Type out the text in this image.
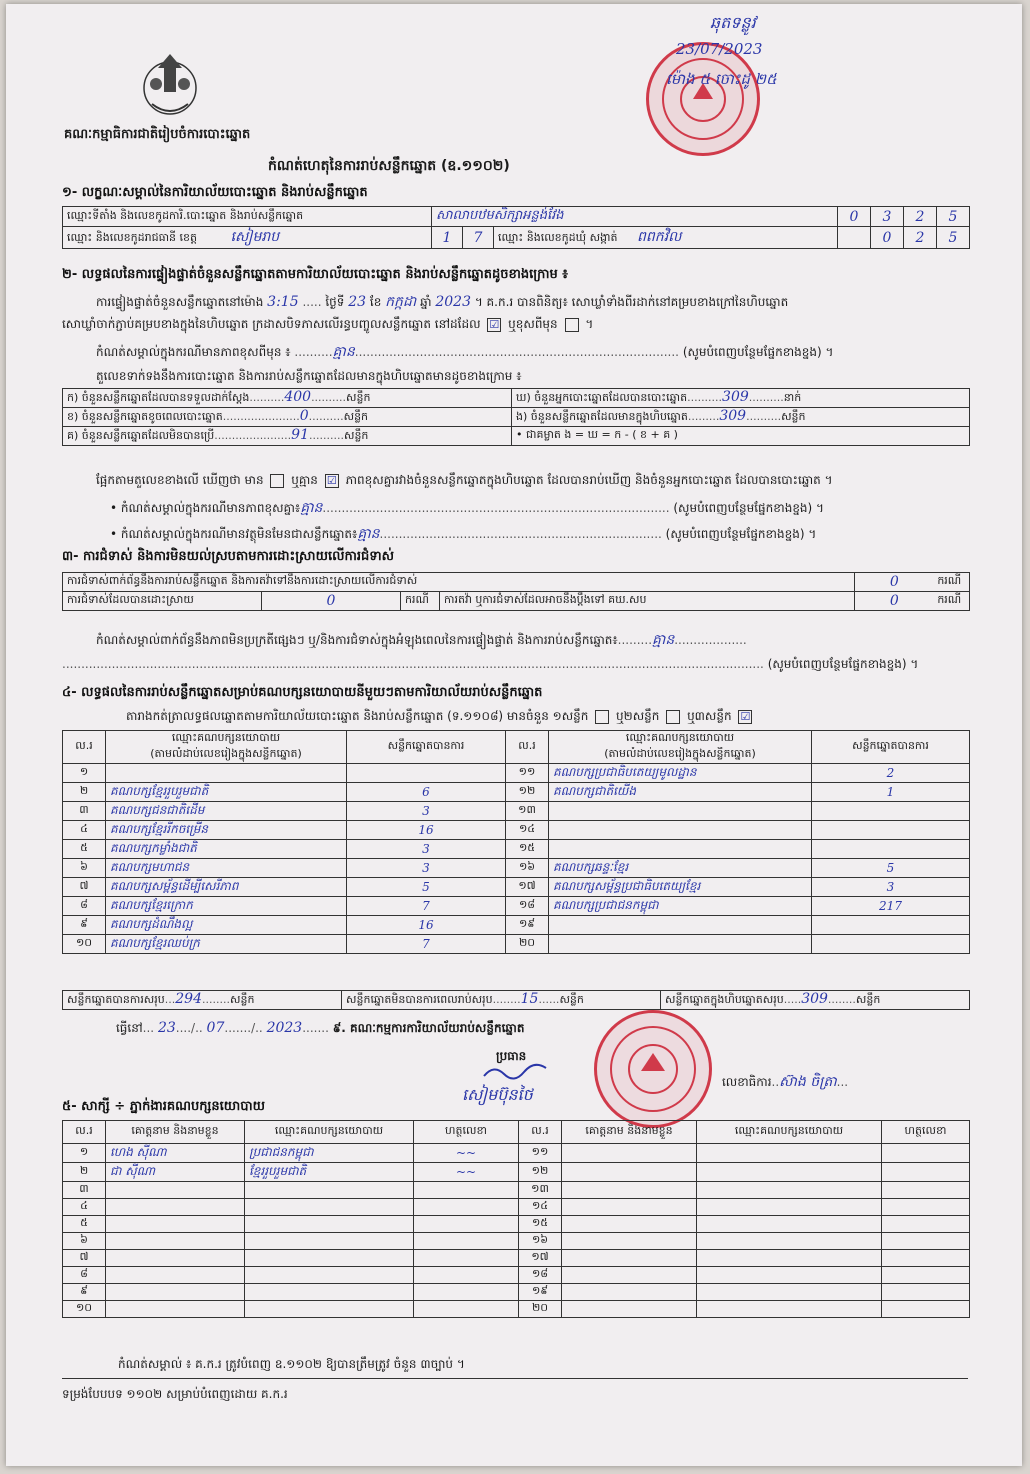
គណៈកម្មាធិការជាតិរៀបចំការបោះឆ្នោត
កំណត់ហេតុនៃការរាប់សន្លឹកឆ្នោត (ឧ.១១០២)
ឆុតទន្លូវ
23/07/2023
ម៉ោង ៥ ចោះដូ ២៥
១- លក្ខណៈសម្គាល់នៃការិយាល័យបោះឆ្នោត និងរាប់សន្លឹកឆ្នោត
ឈ្មោះទីតាំង និងលេខកូដការិ.បោះឆ្នោត និងរាប់សន្លឹកឆ្នោត	សាលាបឋមសិក្សាអន្លង់វែង			0	3	2	5
ឈ្មោះ និងលេខកូដរាជធានី ខេត្ត សៀមរាប	1	7	ឈ្មោះ និងលេខកូដឃុំ សង្កាត់ ពពកវិល		0	2	5
២- លទ្ធផលនៃការផ្ទៀងផ្ទាត់ចំនួនសន្លឹកឆ្នោតតាមការិយាល័យបោះឆ្នោត និងរាប់សន្លឹកឆ្នោតដូចខាងក្រោម ៖
ការផ្ទៀងផ្ទាត់ចំនួនសន្លឹកឆ្នោតនៅម៉ោង 3:15 ..... ថ្ងៃទី 23 ខែ កក្កដា ឆ្នាំ 2023 ។ គ.ក.រ បានពិនិត្យ៖ សោឃ្លាំទាំងពីរដាក់នៅគម្របខាងក្រៅនៃហិបឆ្នោត
សោឃ្លាំចាក់ភ្ជាប់គម្របខាងក្នុងនៃហិបឆ្នោត ក្រដាសបិទភាសលើរន្ធបញ្ចូលសន្លឹកឆ្នោត នៅដដែល ☑ ឬខុសពីមុន ។
កំណត់សម្គាល់ក្នុងករណីមានភាពខុសពីមុន ៖ ..........គ្មាន..................................................................................... (សូមបំពេញបន្ថែមផ្នែកខាងខ្នង) ។
តួលេខទាក់ទងនឹងការបោះឆ្នោត និងការរាប់សន្លឹកឆ្នោតដែលមានក្នុងហិបឆ្នោតមានដូចខាងក្រោម ៖
ក) ចំនួនសន្លឹកឆ្នោតដែលបានទទួលដាក់ស្តែង..........400..........សន្លឹក	ឃ) ចំនួនអ្នកបោះឆ្នោតដែលបានបោះឆ្នោត..........309..........នាក់
ខ) ចំនួនសន្លឹកឆ្នោតខូចពេលបោះឆ្នោត......................0..........សន្លឹក	ង) ចំនួនសន្លឹកឆ្នោតដែលមានក្នុងហិបឆ្នោត.........309..........សន្លឹក
គ) ចំនួនសន្លឹកឆ្នោតដែលមិនបានប្រើ......................91..........សន្លឹក	• ជាគម្លាត ង = ឃ = ក - ( ខ + គ )
ផ្អែកតាមតួលេខខាងលើ ឃើញថា មាន ឬគ្មាន ☑ ភាពខុសគ្នារវាងចំនួនសន្លឹកឆ្នោតក្នុងហិបឆ្នោត ដែលបានរាប់ឃើញ និងចំនួនអ្នកបោះឆ្នោត ដែលបានបោះឆ្នោត ។
• កំណត់សម្គាល់ក្នុងករណីមានភាពខុសគ្នា៖គ្មាន........................................................................................... (សូមបំពេញបន្ថែមផ្នែកខាងខ្នង) ។
• កំណត់សម្គាល់ក្នុងករណីមានវត្ថុមិនមែនជាសន្លឹកឆ្នោត៖គ្មាន.......................................................................... (សូមបំពេញបន្ថែមផ្នែកខាងខ្នង) ។
៣- ការជំទាស់ និងការមិនយល់ស្របតាមការដោះស្រាយលើការជំទាស់
ការជំទាស់ពាក់ព័ន្ធនឹងការរាប់សន្លឹកឆ្នោត និងការតវ៉ាទៅនឹងការដោះស្រាយលើការជំទាស់				0	ករណី
ការជំទាស់ដែលបានដោះស្រាយ	0	ករណី	ការតវ៉ា ឬការជំទាស់ដែលអាចនឹងប្តឹងទៅ គឃ.សប	0	ករណី
កំណត់សម្គាល់ពាក់ព័ន្ធនឹងភាពមិនប្រក្រតីផ្សេងៗ ឬ/និងការជំទាស់ក្នុងអំឡុងពេលនៃការផ្ទៀងផ្ទាត់ និងការរាប់សន្លឹកឆ្នោត៖.........គ្មាន...................
........................................................................................................................................................................................ (សូមបំពេញបន្ថែមផ្នែកខាងខ្នង) ។
៤- លទ្ធផលនៃការរាប់សន្លឹកឆ្នោតសម្រាប់គណបក្សនយោបាយនីមួយៗតាមការិយាល័យរាប់សន្លឹកឆ្នោត
តារាងកត់ត្រាលទ្ធផលឆ្នោតតាមការិយាល័យបោះឆ្នោត និងរាប់សន្លឹកឆ្នោត (ទ.១១០៨) មានចំនួន ១សន្លឹក ឬ២សន្លឹក ឬ៣សន្លឹក ☑
ល.រ	ឈ្មោះគណបក្សនយោបាយ	សន្លឹកឆ្នោតបានការ	ល.រ	ឈ្មោះគណបក្សនយោបាយ	សន្លឹកឆ្នោតបានការ
	(តាមលំដាប់លេខរៀងក្នុងសន្លឹកឆ្នោត)			(តាមលំដាប់លេខរៀងក្នុងសន្លឹកឆ្នោត)	
១			១១	គណបក្សប្រជាធិបតេយ្យមូលដ្ឋាន	2
២	គណបក្សខ្មែររួបរួមជាតិ	6	១២	គណបក្សជាតិយើង	1
៣	គណបក្សជនជាតិដើម	3	១៣		
៤	គណបក្សខ្មែររីកចម្រើន	16	១៤		
៥	គណបក្សកម្លាំងជាតិ	3	១៥		
៦	គណបក្សមហាជន	3	១៦	គណបក្សឆន្ទៈខ្មែរ	5
៧	គណបក្សសម្ព័ន្ធដើម្បីសេរីភាព	5	១៧	គណបក្សសម្ព័ន្ធប្រជាធិបតេយ្យខ្មែរ	3
៨	គណបក្សខ្មែរក្រោក	7	១៨	គណបក្សប្រជាជនកម្ពុជា	217
៩	គណបក្សដំណឹងល្អ	16	១៩		
១០	គណបក្សខ្មែរឈប់ក្រ	7	២០		
សន្លឹកឆ្នោតបានការសរុប...294........សន្លឹក	សន្លឹកឆ្នោតមិនបានការពេលរាប់សរុប........15......សន្លឹក	សន្លឹកឆ្នោតក្នុងហិបឆ្នោតសរុប.....309........សន្លឹក
ធ្វើនៅ... 23..../.. 07......./.. 2023....... ៩. គណៈកម្មការការិយាល័យរាប់សន្លឹកឆ្នោត
ប្រធាន
សៀមប៊ុនថៃ
លេខាធិការ..ស៊ាង ចិត្រា...
៥- សាក្សី ÷ ភ្នាក់ងារគណបក្សនយោបាយ
ល.រ	គោត្តនាម និងនាមខ្លួន	ឈ្មោះគណបក្សនយោបាយ	ហត្ថលេខា	ល.រ	គោត្តនាម និងនាមខ្លួន	ឈ្មោះគណបក្សនយោបាយ	ហត្ថលេខា
១	ហេង ស៊ីណា	ប្រជាជនកម្ពុជា	~~	១១			
២	ជា ស៊ីណា	ខ្មែររួបរួមជាតិ	~~	១២			
៣				១៣			
៤				១៤			
៥				១៥			
៦				១៦			
៧				១៧			
៨				១៨			
៩				១៩			
១០				២០			
កំណត់សម្គាល់ ៖ គ.ក.រ ត្រូវបំពេញ ឧ.១១០២ ឱ្យបានត្រឹមត្រូវ ចំនួន ៣ច្បាប់ ។
ទម្រង់បែបបទ ១១០២ សម្រាប់បំពេញដោយ គ.ក.រ
